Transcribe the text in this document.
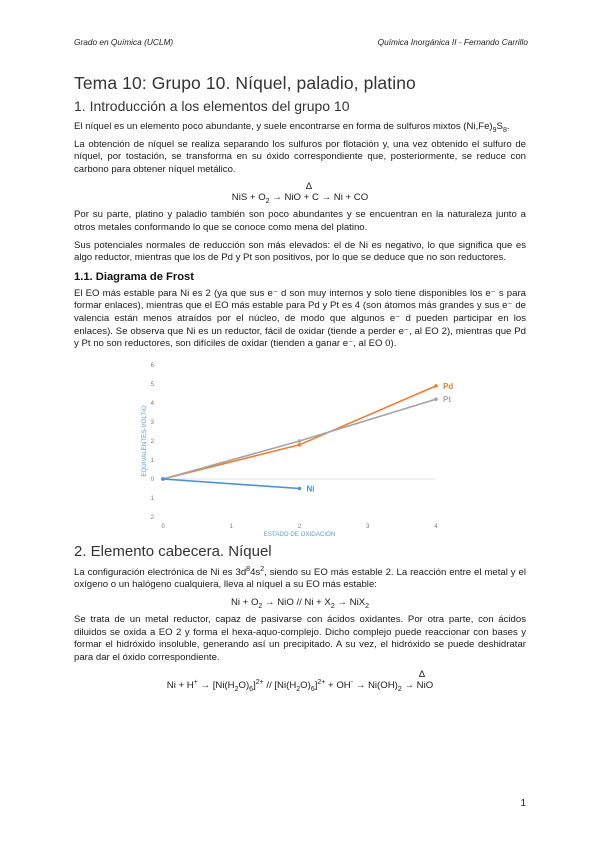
Grado en Química (UCLM)	Química Inorgánica II - Fernando Carrillo
Tema 10: Grupo 10. Níquel, paladio, platino
1. Introducción a los elementos del grupo 10

El níquel es un elemento poco abundante, y suele encontrarse en forma de sulfuros mixtos $(Ni,Fe)_9S_8$.

La obtención de níquel se realiza separando los sulfuros por flotación y, una vez obtenido el sulfuro de níquel, por tostación, se transforma en su óxido correspondiente que, posteriormente, se reduce con carbono para obtener níquel metálico.

Δ
NiS + $O_2$ → NiO + C → Ni + CO

Por su parte, platino y paladio también son poco abundantes y se encuentran en la naturaleza junto a otros metales conformando lo que se conoce como mena del platino.

Sus potenciales normales de reducción son más elevados: el de Ni es negativo, lo que significa que es algo reductor, mientras que los de Pd y Pt son positivos, por lo que se deduce que no son reductores.

1.1. Diagrama de Frost

El EO más estable para Ni es 2 (ya que sus e⁻ d son muy internos y solo tiene disponibles los e⁻ s para formar enlaces), mientras que el EO más estable para Pd y Pt es 4 (son átomos más grandes y sus e⁻ de valencia están menos atraídos por el núcleo, de modo que algunos e⁻ d pueden participar en los enlaces). Se observa que Ni es un reductor, fácil de oxidar (tiende a perder e⁻, al EO 2), mientras que Pd y Pt no son reductores, son difíciles de oxidar (tienden a ganar e⁻, al EO 0).

6
5
4
3
2
1
0
1
2
0	1	2	3	4
ESTADO DE OXIDACIÓN
EQUIVALENTES-VOLTIO
Pd
Pt
Ni
2. Elemento cabecera. Níquel

La configuración electrónica de Ni es $3d^84s^2$, siendo su EO más estable 2. La reacción entre el metal y el oxígeno o un halógeno cualquiera, lleva al níquel a su EO más estable:

$Ni + O_2$ → NiO // $Ni + X_2 \to NiX_2$

Se trata de un metal reductor, capaz de pasivarse con ácidos oxidantes. Por otra parte, con ácidos diluidos se oxida a EO 2 y forma el hexa-aquo-complejo. Dicho complejo puede reaccionar con bases y formar el hidróxido insoluble, generando así un precipitado. A su vez, el hidróxido se puede deshidratar para dar el óxido correspondiente.

Δ
$Ni + H^+ \to [Ni(H_2O)_6]^{2+} // [Ni(H_2O)_6]^{2+} + OH^- \to Ni(OH)_2$ → NiO
1
